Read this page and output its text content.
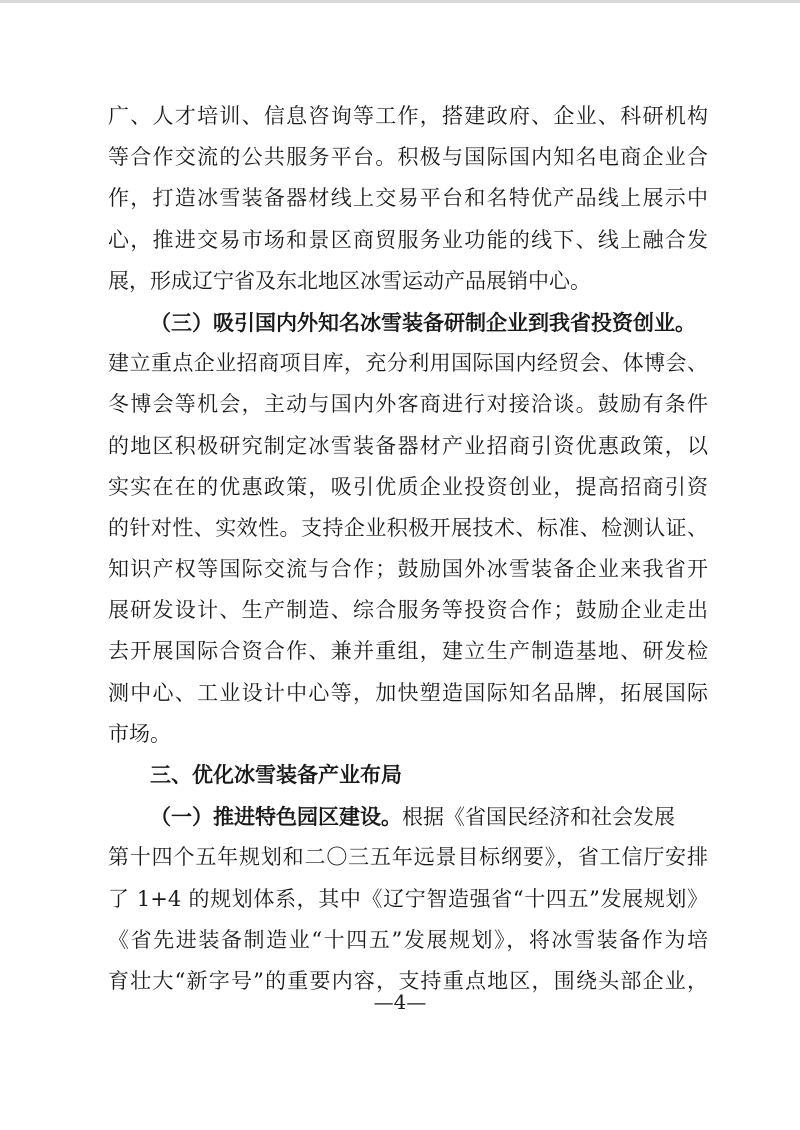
广、人才培训、信息咨询等工作，搭建政府、企业、科研机构
等合作交流的公共服务平台。积极与国际国内知名电商企业合
作，打造冰雪装备器材线上交易平台和名特优产品线上展示中
心，推进交易市场和景区商贸服务业功能的线下、线上融合发
展，形成辽宁省及东北地区冰雪运动产品展销中心。
（三）吸引国内外知名冰雪装备研制企业到我省投资创业。
建立重点企业招商项目库，充分利用国际国内经贸会、体博会、
冬博会等机会，主动与国内外客商进行对接洽谈。鼓励有条件
的地区积极研究制定冰雪装备器材产业招商引资优惠政策，以
实实在在的优惠政策，吸引优质企业投资创业，提高招商引资
的针对性、实效性。支持企业积极开展技术、标准、检测认证、
知识产权等国际交流与合作；鼓励国外冰雪装备企业来我省开
展研发设计、生产制造、综合服务等投资合作；鼓励企业走出
去开展国际合资合作、兼并重组，建立生产制造基地、研发检
测中心、工业设计中心等，加快塑造国际知名品牌，拓展国际
市场。
三、优化冰雪装备产业布局
（一）推进特色园区建设。根据《省国民经济和社会发展
第十四个五年规划和二〇三五年远景目标纲要》，省工信厅安排
了 1+4 的规划体系，其中《辽宁智造强省“十四五”发展规划》
《省先进装备制造业“十四五”发展规划》，将冰雪装备作为培
育壮大“新字号”的重要内容，支持重点地区，围绕头部企业，
—4—
